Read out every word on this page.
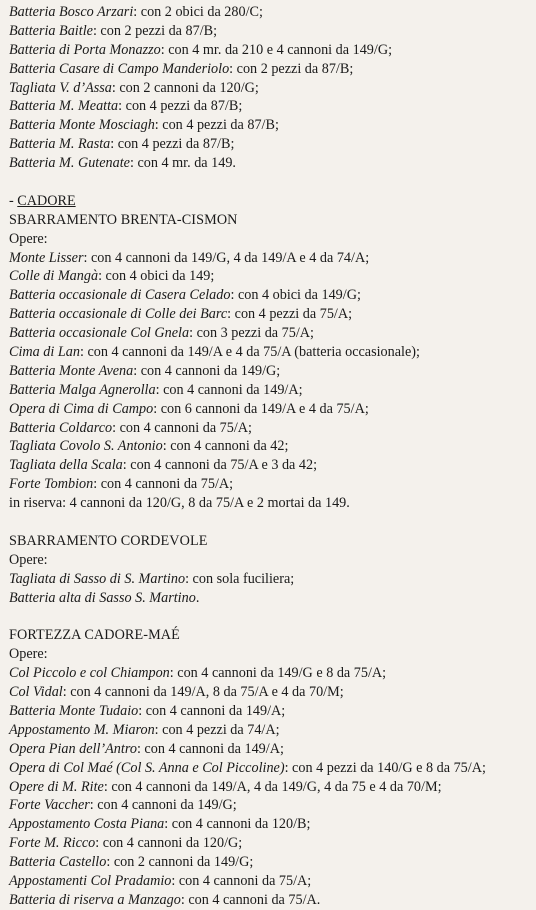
Batteria Bosco Arzari: con 2 obici da 280/C;
Batteria Baitle: con 2 pezzi da 87/B;
Batteria di Porta Monazzo: con 4 mr. da 210 e 4 cannoni da 149/G;
Batteria Casare di Campo Manderiolo: con 2 pezzi da 87/B;
Tagliata V. d’Assa: con 2 cannoni da 120/G;
Batteria M. Meatta: con 4 pezzi da 87/B;
Batteria Monte Mosciagh: con 4 pezzi da 87/B;
Batteria M. Rasta: con 4 pezzi da 87/B;
Batteria M. Gutenate: con 4 mr. da 149.
- CADORE
SBARRAMENTO BRENTA-CISMON
Opere:
Monte Lisser: con 4 cannoni da 149/G, 4 da 149/A e 4 da 74/A;
Colle di Mangà: con 4 obici da 149;
Batteria occasionale di Casera Celado: con 4 obici da 149/G;
Batteria occasionale di Colle dei Barc: con 4 pezzi da 75/A;
Batteria occasionale Col Gnela: con 3 pezzi da 75/A;
Cima di Lan: con 4 cannoni da 149/A e 4 da 75/A (batteria occasionale);
Batteria Monte Avena: con 4 cannoni da 149/G;
Batteria Malga Agnerolla: con 4 cannoni da 149/A;
Opera di Cima di Campo: con 6 cannoni da 149/A e 4 da 75/A;
Batteria Coldarco: con 4 cannoni da 75/A;
Tagliata Covolo S. Antonio: con 4 cannoni da 42;
Tagliata della Scala: con 4 cannoni da 75/A e 3 da 42;
Forte Tombion: con 4 cannoni da 75/A;
in riserva: 4 cannoni da 120/G, 8 da 75/A e 2 mortai da 149.
SBARRAMENTO CORDEVOLE
Opere:
Tagliata di Sasso di S. Martino: con sola fuciliera;
Batteria alta di Sasso S. Martino.
FORTEZZA CADORE-MAÉ
Opere:
Col Piccolo e col Chiampon: con 4 cannoni da 149/G e 8 da 75/A;
Col Vidal: con 4 cannoni da 149/A, 8 da 75/A e 4 da 70/M;
Batteria Monte Tudaio: con 4 cannoni da 149/A;
Appostamento M. Miaron: con 4 pezzi da 74/A;
Opera Pian dell’Antro: con 4 cannoni da 149/A;
Opera di Col Maé (Col S. Anna e Col Piccoline): con 4 pezzi da 140/G e 8 da 75/A;
Opere di M. Rite: con 4 cannoni da 149/A, 4 da 149/G, 4 da 75 e 4 da 70/M;
Forte Vaccher: con 4 cannoni da 149/G;
Appostamento Costa Piana: con 4 cannoni da 120/B;
Forte M. Ricco: con 4 cannoni da 120/G;
Batteria Castello: con 2 cannoni da 149/G;
Appostamenti Col Pradamio: con 4 cannoni da 75/A;
Batteria di riserva a Manzago: con 4 cannoni da 75/A.
